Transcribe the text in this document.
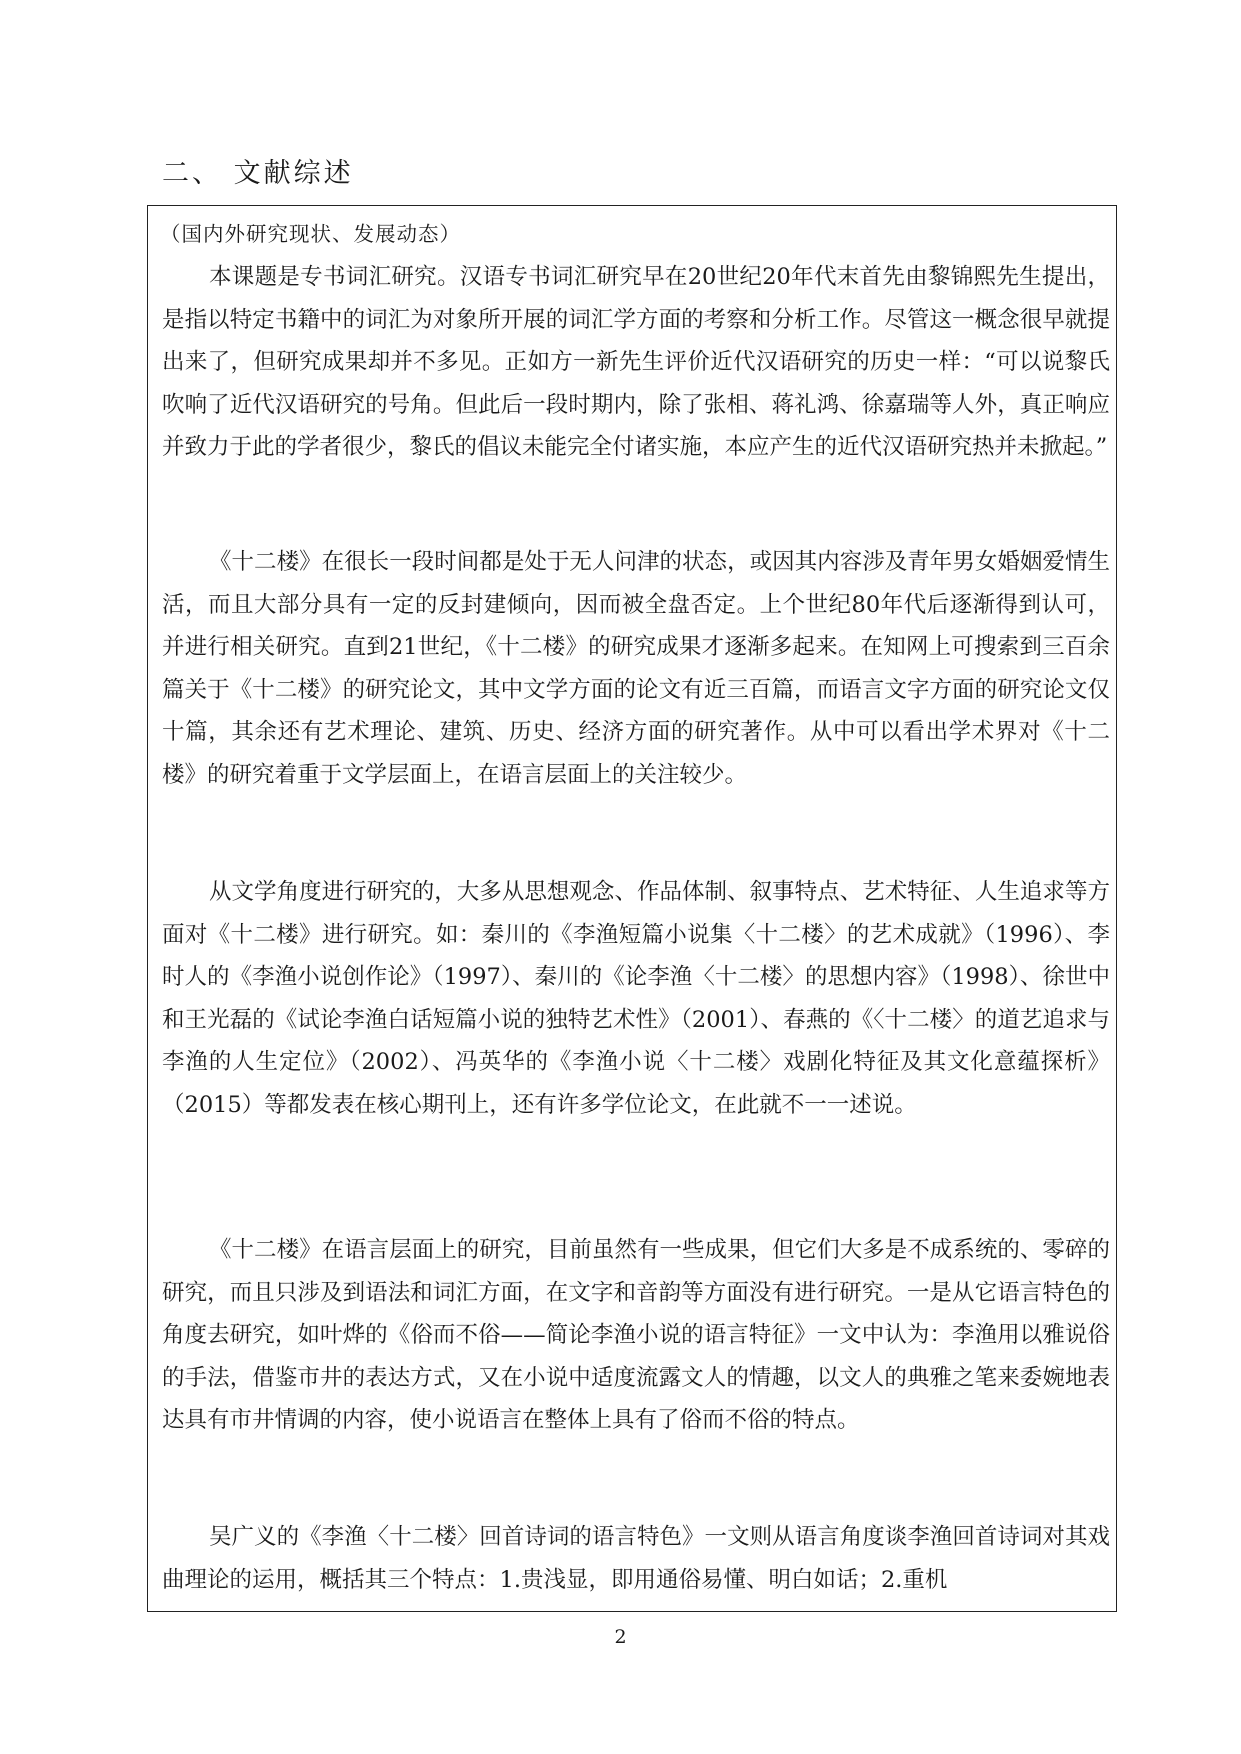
二、 文献综述

（国内外研究现状、发展动态）

本课题是专书词汇研究。汉语专书词汇研究早在20世纪20年代末首先由黎锦熙先生提出，是指以特定书籍中的词汇为对象所开展的词汇学方面的考察和分析工作。尽管这一概念很早就提出来了，但研究成果却并不多见。正如方一新先生评价近代汉语研究的历史一样：“可以说黎氏吹响了近代汉语研究的号角。但此后一段时期内，除了张相、蒋礼鸿、徐嘉瑞等人外，真正响应并致力于此的学者很少，黎氏的倡议未能完全付诸实施，本应产生的近代汉语研究热并未掀起。”

《十二楼》在很长一段时间都是处于无人问津的状态，或因其内容涉及青年男女婚姻爱情生活，而且大部分具有一定的反封建倾向，因而被全盘否定。上个世纪80年代后逐渐得到认可，并进行相关研究。直到21世纪，《十二楼》的研究成果才逐渐多起来。在知网上可搜索到三百余篇关于《十二楼》的研究论文，其中文学方面的论文有近三百篇，而语言文字方面的研究论文仅十篇，其余还有艺术理论、建筑、历史、经济方面的研究著作。从中可以看出学术界对《十二楼》的研究着重于文学层面上，在语言层面上的关注较少。

从文学角度进行研究的，大多从思想观念、作品体制、叙事特点、艺术特征、人生追求等方面对《十二楼》进行研究。如：秦川的《李渔短篇小说集〈十二楼〉的艺术成就》（1996）、李时人的《李渔小说创作论》（1997）、秦川的《论李渔〈十二楼〉的思想内容》（1998）、徐世中和王光磊的《试论李渔白话短篇小说的独特艺术性》（2001）、春燕的《〈十二楼〉的道艺追求与李渔的人生定位》（2002）、冯英华的《李渔小说〈十二楼〉戏剧化特征及其文化意蕴探析》（2015）等都发表在核心期刊上，还有许多学位论文，在此就不一一述说。

《十二楼》在语言层面上的研究，目前虽然有一些成果，但它们大多是不成系统的、零碎的研究，而且只涉及到语法和词汇方面，在文字和音韵等方面没有进行研究。一是从它语言特色的角度去研究，如叶烨的《俗而不俗——简论李渔小说的语言特征》一文中认为：李渔用以雅说俗的手法，借鉴市井的表达方式，又在小说中适度流露文人的情趣，以文人的典雅之笔来委婉地表达具有市井情调的内容，使小说语言在整体上具有了俗而不俗的特点。

吴广义的《李渔〈十二楼〉回首诗词的语言特色》一文则从语言角度谈李渔回首诗词对其戏曲理论的运用，概括其三个特点：1.贵浅显，即用通俗易懂、明白如话；2.重机

2
